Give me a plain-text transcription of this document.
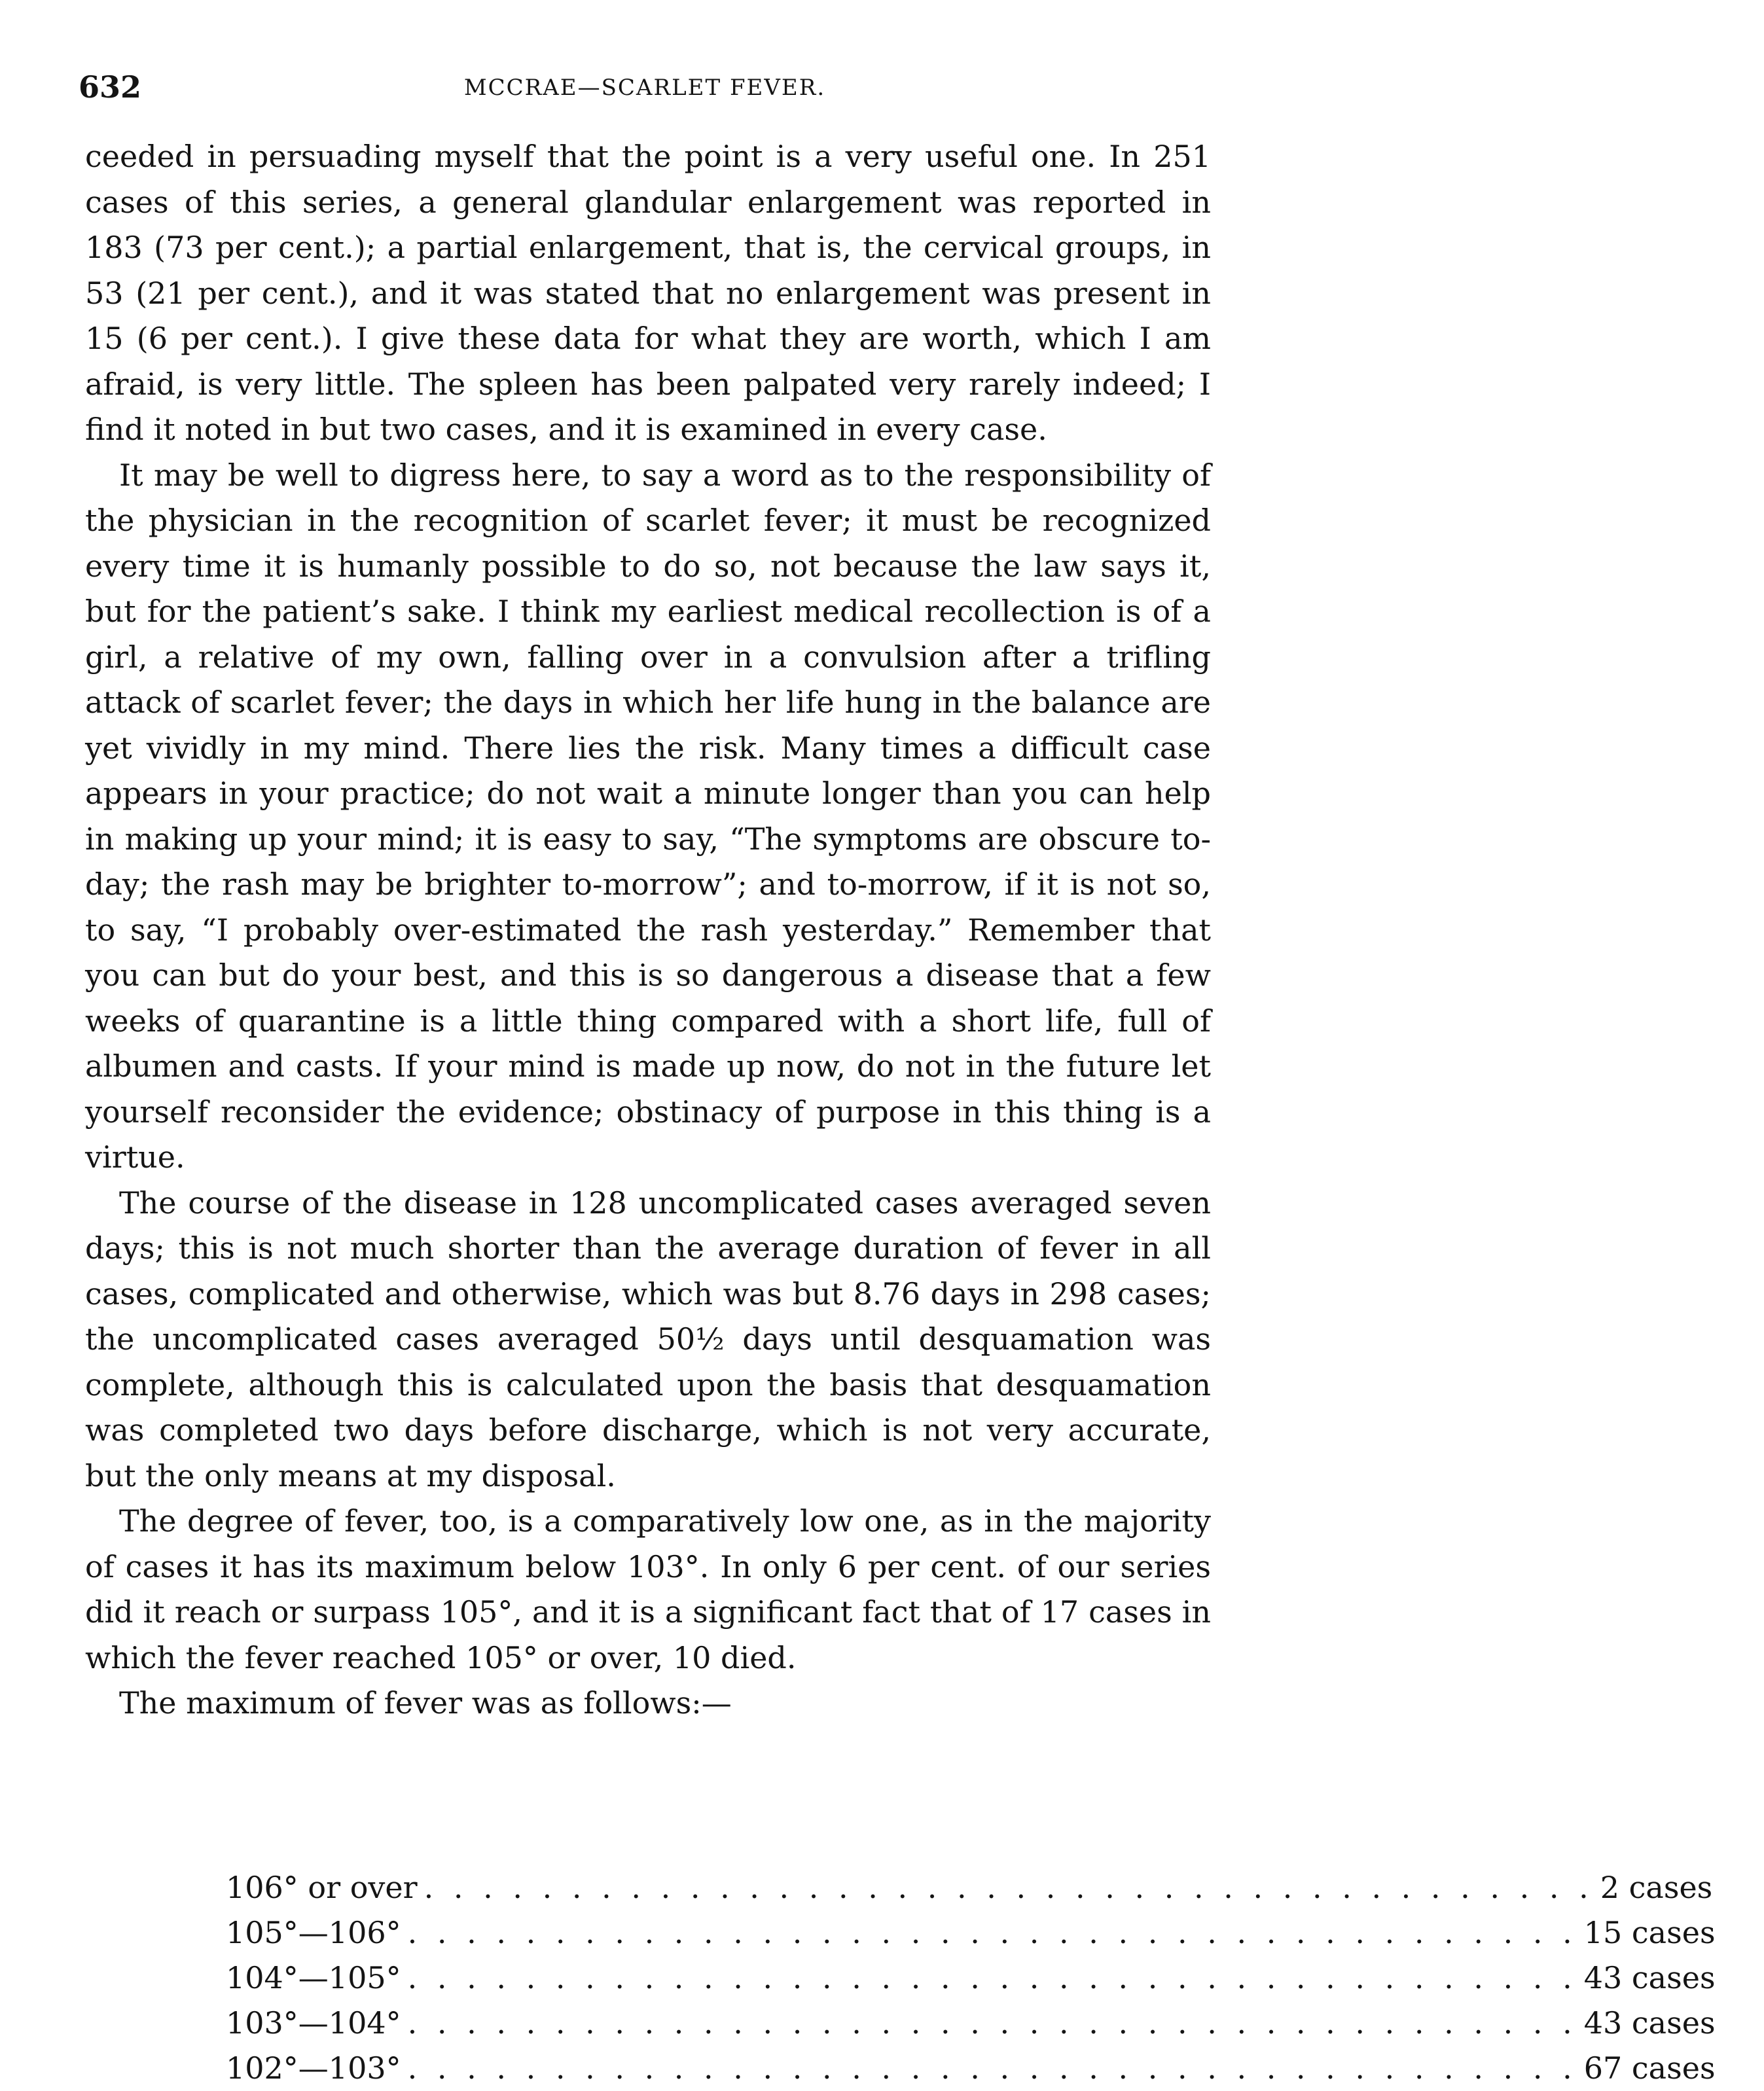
632	MCCRAE—SCARLET FEVER.

ceeded in persuading myself that the point is a very useful one. In 251 cases of this series, a general glandular enlargement was reported in 183 (73 per cent.); a partial enlargement, that is, the cervical groups, in 53 (21 per cent.), and it was stated that no enlargement was present in 15 (6 per cent.). I give these data for what they are worth, which I am afraid, is very little. The spleen has been palpated very rarely indeed; I find it noted in but two cases, and it is examined in every case.

It may be well to digress here, to say a word as to the responsibility of the physician in the recognition of scarlet fever; it must be recognized every time it is humanly possible to do so, not because the law says it, but for the patient’s sake. I think my earliest medical recollection is of a girl, a relative of my own, falling over in a convulsion after a trifling attack of scarlet fever; the days in which her life hung in the balance are yet vividly in my mind. There lies the risk. Many times a difficult case appears in your practice; do not wait a minute longer than you can help in making up your mind; it is easy to say, “The symptoms are obscure to-day; the rash may be brighter to-morrow”; and to-morrow, if it is not so, to say, “I probably over-estimated the rash yesterday.” Remember that you can but do your best, and this is so dangerous a disease that a few weeks of quarantine is a little thing compared with a short life, full of albumen and casts. If your mind is made up now, do not in the future let yourself reconsider the evidence; obstinacy of purpose in this thing is a virtue.

The course of the disease in 128 uncomplicated cases averaged seven days; this is not much shorter than the average duration of fever in all cases, complicated and otherwise, which was but 8.76 days in 298 cases; the uncomplicated cases averaged 50½ days until desquamation was complete, although this is calculated upon the basis that desquamation was completed two days before discharge, which is not very accurate, but the only means at my disposal.

The degree of fever, too, is a comparatively low one, as in the majority of cases it has its maximum below 103°. In only 6 per cent. of our series did it reach or surpass 105°, and it is a significant fact that of 17 cases in which the fever reached 105° or over, 10 died.

The maximum of fever was as follows:—

106° or over . . . . . . . . . . . . . . . . . . . . . . . . . . . . . . . . . . . . . . . . 2 cases
105°—106° . . . . . . . . . . . . . . . . . . . . . . . . . . . . . . . . . . . . . . . . 15 cases
104°—105° . . . . . . . . . . . . . . . . . . . . . . . . . . . . . . . . . . . . . . . . 43 cases
103°—104° . . . . . . . . . . . . . . . . . . . . . . . . . . . . . . . . . . . . . . . . 43 cases
102°—103° . . . . . . . . . . . . . . . . . . . . . . . . . . . . . . . . . . . . . . . . 67 cases
